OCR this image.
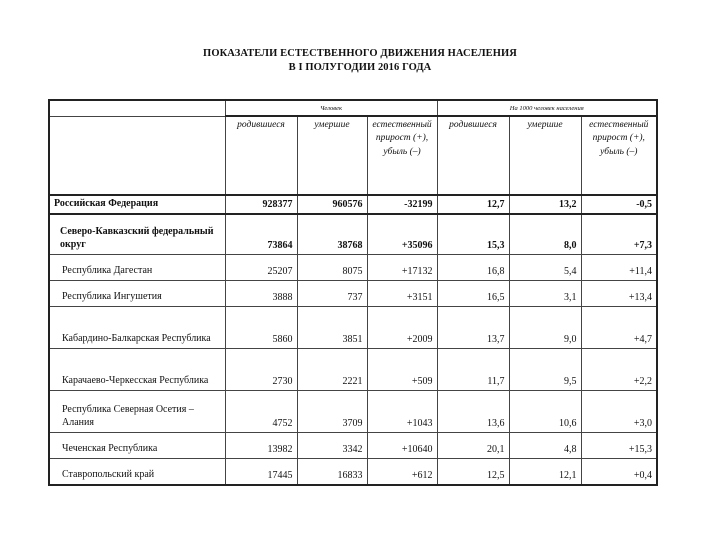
ПОКАЗАТЕЛИ ЕСТЕСТВЕННОГО ДВИЖЕНИЯ НАСЕЛЕНИЯ
В I ПОЛУГОДИИ 2016 ГОДА
	Человек			На 1000 человек населения		
	родившиеся	умершие	естественный прирост (+), убыль (–)	родившиеся	умершие	естественный прирост (+), убыль (–)
Российская Федерация	928377	960576	-32199	12,7	13,2	-0,5
Северо-Кавказский федеральный округ	73864	38768	+35096	15,3	8,0	+7,3
Республика Дагестан	25207	8075	+17132	16,8	5,4	+11,4
Республика Ингушетия	3888	737	+3151	16,5	3,1	+13,4
Кабардино-Балкарская Республика	5860	3851	+2009	13,7	9,0	+4,7
Карачаево-Черкесская Республика	2730	2221	+509	11,7	9,5	+2,2
Республика Северная Осетия – Алания	4752	3709	+1043	13,6	10,6	+3,0
Чеченская Республика	13982	3342	+10640	20,1	4,8	+15,3
Ставропольский край	17445	16833	+612	12,5	12,1	+0,4
